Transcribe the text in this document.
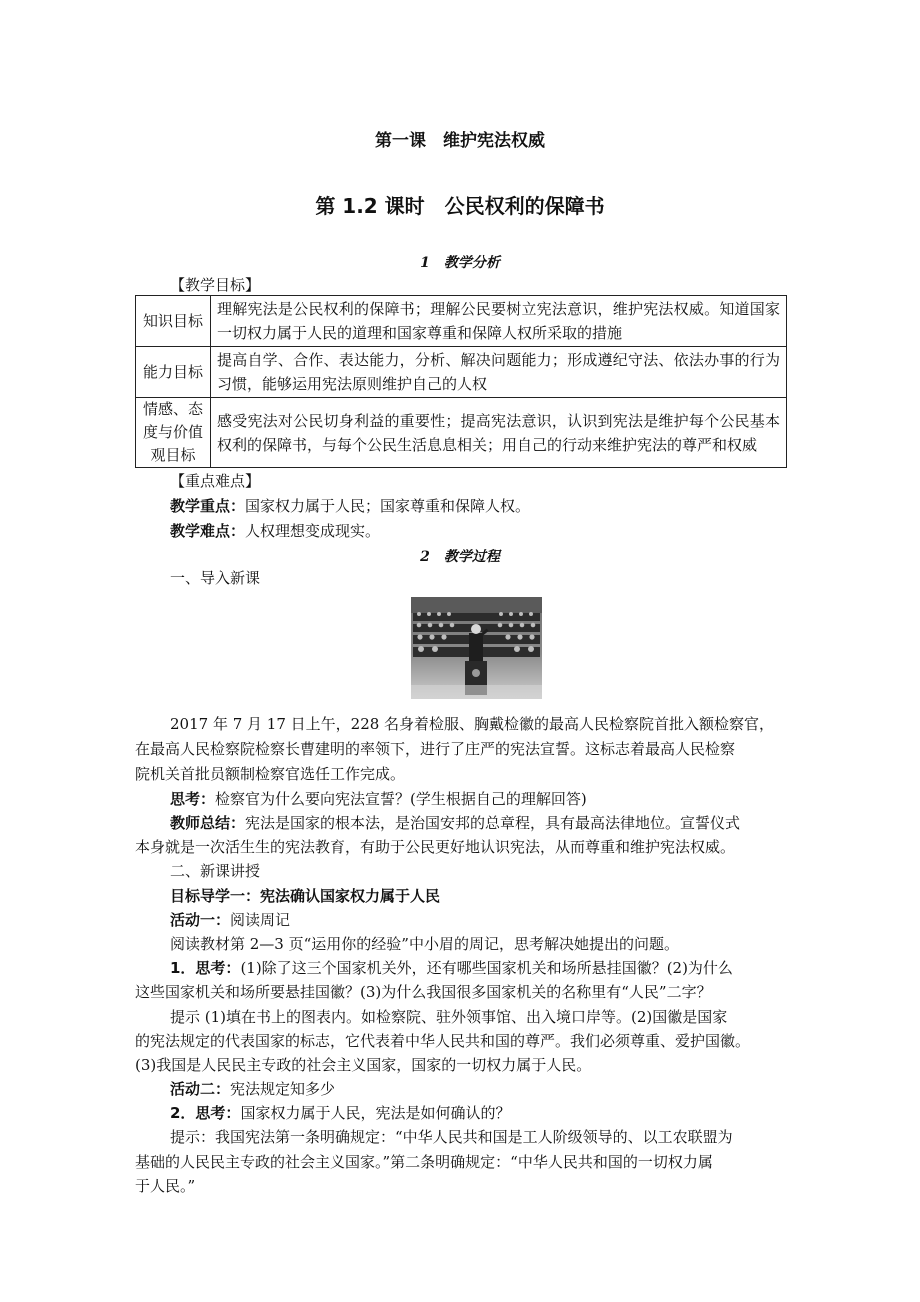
第一课　维护宪法权威
第 1.2 课时　公民权利的保障书
1　教学分析
【教学目标】
知识目标	理解宪法是公民权利的保障书；理解公民要树立宪法意识，维护宪法权威。知道国家一切权力属于人民的道理和国家尊重和保障人权所采取的措施
能力目标	提高自学、合作、表达能力，分析、解决问题能力；形成遵纪守法、依法办事的行为习惯，能够运用宪法原则维护自己的人权
情感、态度与价值观目标	感受宪法对公民切身利益的重要性；提高宪法意识，认识到宪法是维护每个公民基本权利的保障书，与每个公民生活息息相关；用自己的行动来维护宪法的尊严和权威
【重点难点】
教学重点：国家权力属于人民；国家尊重和保障人权。
教学难点：人权理想变成现实。
2　教学过程
一、导入新课
2017 年 7 月 17 日上午，228 名身着检服、胸戴检徽的最高人民检察院首批入额检察官，
在最高人民检察院检察长曹建明的率领下，进行了庄严的宪法宣誓。这标志着最高人民检察
院机关首批员额制检察官选任工作完成。
思考：检察官为什么要向宪法宣誓？(学生根据自己的理解回答)
教师总结：宪法是国家的根本法，是治国安邦的总章程，具有最高法律地位。宣誓仪式
本身就是一次活生生的宪法教育，有助于公民更好地认识宪法，从而尊重和维护宪法权威。
二、新课讲授
目标导学一：宪法确认国家权力属于人民
活动一：阅读周记
阅读教材第 2—3 页“运用你的经验”中小眉的周记，思考解决她提出的问题。
1．思考：(1)除了这三个国家机关外，还有哪些国家机关和场所悬挂国徽？(2)为什么
这些国家机关和场所要悬挂国徽？(3)为什么我国很多国家机关的名称里有“人民”二字？
提示 (1)填在书上的图表内。如检察院、驻外领事馆、出入境口岸等。(2)国徽是国家
的宪法规定的代表国家的标志，它代表着中华人民共和国的尊严。我们必须尊重、爱护国徽。
(3)我国是人民民主专政的社会主义国家，国家的一切权力属于人民。
活动二：宪法规定知多少
2．思考：国家权力属于人民，宪法是如何确认的？
提示：我国宪法第一条明确规定：“中华人民共和国是工人阶级领导的、以工农联盟为
基础的人民民主专政的社会主义国家。”第二条明确规定：“中华人民共和国的一切权力属
于人民。”
